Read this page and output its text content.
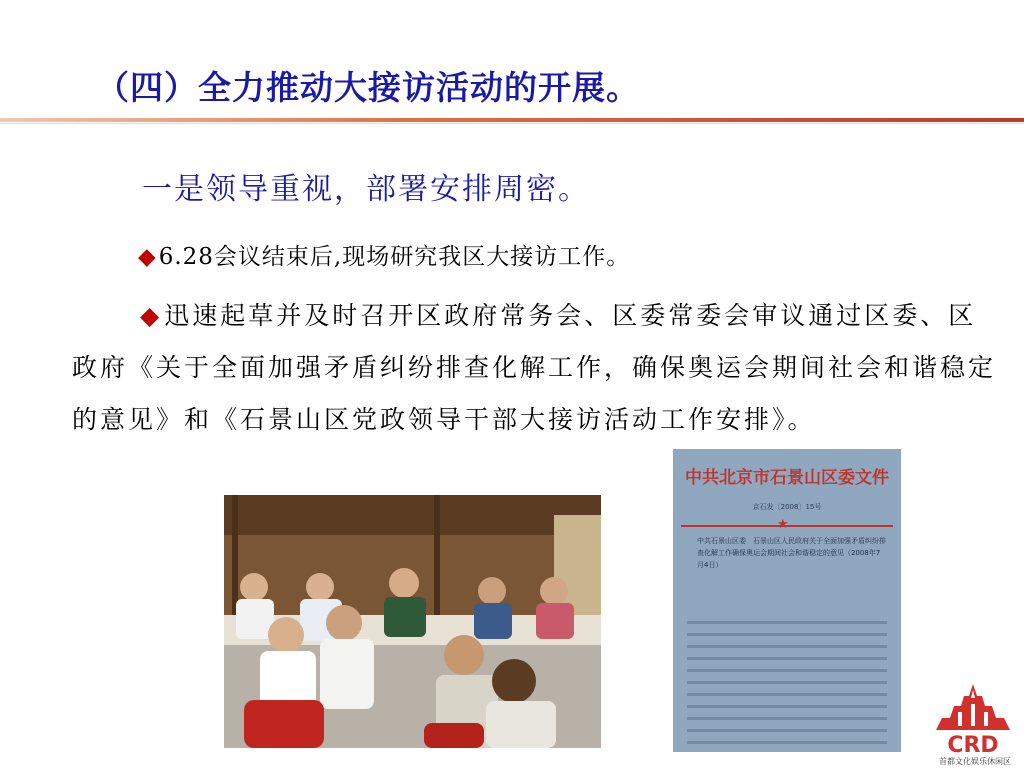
（四）全力推动大接访活动的开展。
一是领导重视，部署安排周密。
◆6.28会议结束后,现场研究我区大接访工作。
◆迅速起草并及时召开区政府常务会、区委常委会审议通过区委、区政府《关于全面加强矛盾纠纷排查化解工作，确保奥运会期间社会和谐稳定的意见》和《石景山区党政领导干部大接访活动工作安排》。
中共北京市石景山区委文件
京石发〔2008〕15号
★
中共石景山区委　石景山区人民政府关于全面加强矛盾纠纷排查化解工作确保奥运会期间社会和谐稳定的意见（2008年7月4日）
CRD
首都文化娱乐休闲区
